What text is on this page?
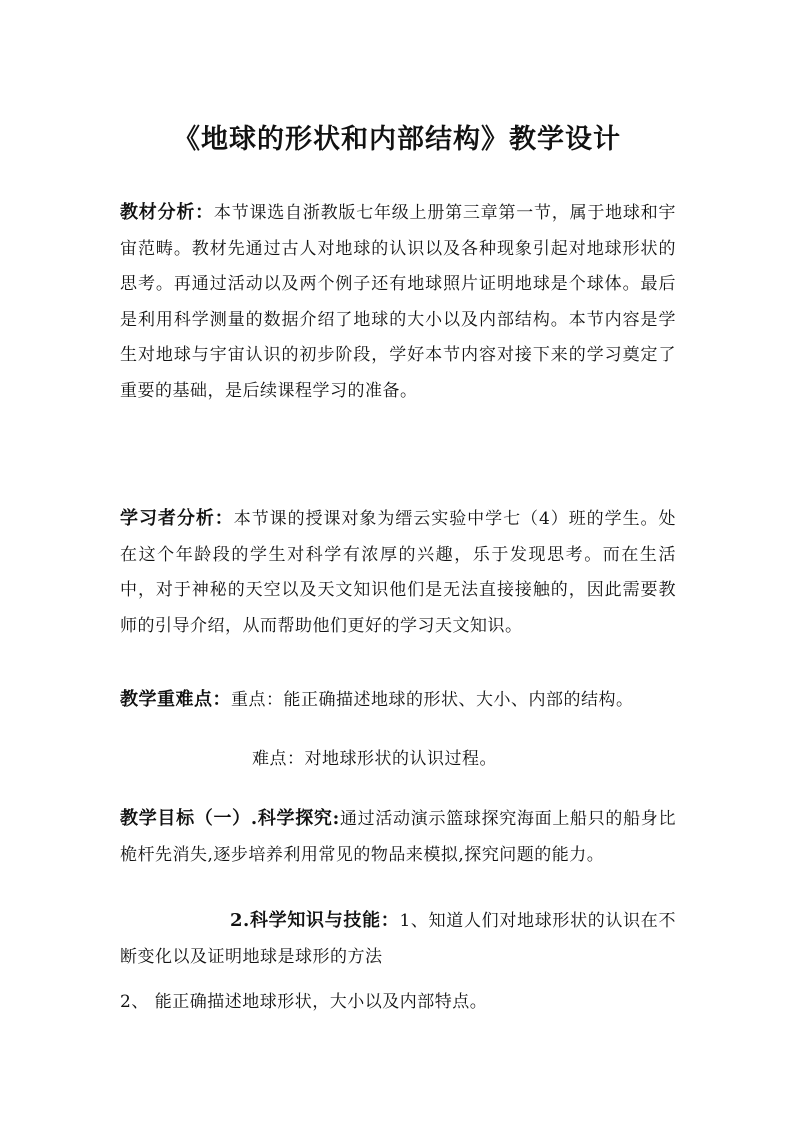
《地球的形状和内部结构》教学设计

教材分析：本节课选自浙教版七年级上册第三章第一节，属于地球和宇宙范畴。教材先通过古人对地球的认识以及各种现象引起对地球形状的思考。再通过活动以及两个例子还有地球照片证明地球是个球体。最后是利用科学测量的数据介绍了地球的大小以及内部结构。本节内容是学生对地球与宇宙认识的初步阶段，学好本节内容对接下来的学习奠定了重要的基础，是后续课程学习的准备。

学习者分析：本节课的授课对象为缙云实验中学七（4）班的学生。处在这个年龄段的学生对科学有浓厚的兴趣，乐于发现思考。而在生活中，对于神秘的天空以及天文知识他们是无法直接接触的，因此需要教师的引导介绍，从而帮助他们更好的学习天文知识。

教学重难点：重点：能正确描述地球的形状、大小、内部的结构。

难点：对地球形状的认识过程。

教学目标（一）.科学探究:通过活动演示篮球探究海面上船只的船身比桅杆先消失,逐步培养利用常见的物品来模拟,探究问题的能力。

2.科学知识与技能：1、知道人们对地球形状的认识在不断变化以及证明地球是球形的方法

2、 能正确描述地球形状，大小以及内部特点。
